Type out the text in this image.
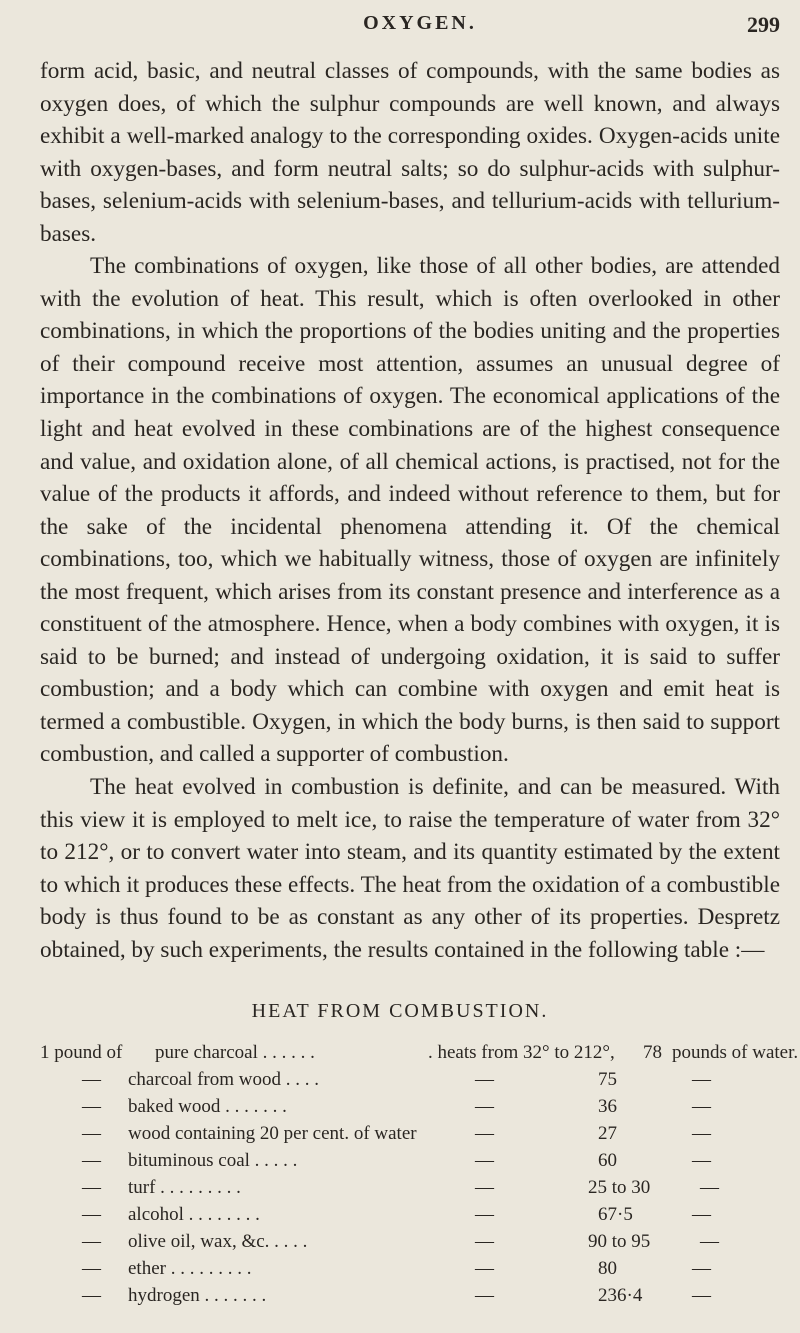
OXYGEN.	299

form acid, basic, and neutral classes of compounds, with the same bodies as oxygen does, of which the sulphur compounds are well known, and always exhibit a well-marked analogy to the corresponding oxides. Oxygen-acids unite with oxygen-bases, and form neutral salts; so do sulphur-acids with sulphur-bases, selenium-acids with selenium-bases, and tellurium-acids with tellurium-bases.

The combinations of oxygen, like those of all other bodies, are attended with the evolution of heat. This result, which is often overlooked in other combinations, in which the proportions of the bodies uniting and the properties of their compound receive most attention, assumes an unusual degree of importance in the combinations of oxygen. The economical applications of the light and heat evolved in these combinations are of the highest consequence and value, and oxidation alone, of all chemical actions, is practised, not for the value of the products it affords, and indeed without reference to them, but for the sake of the incidental phenomena attending it. Of the chemical combinations, too, which we habitually witness, those of oxygen are infinitely the most frequent, which arises from its constant presence and interference as a constituent of the atmosphere. Hence, when a body combines with oxygen, it is said to be burned; and instead of undergoing oxidation, it is said to suffer combustion; and a body which can combine with oxygen and emit heat is termed a combustible. Oxygen, in which the body burns, is then said to support combustion, and called a supporter of combustion.

The heat evolved in combustion is definite, and can be measured. With this view it is employed to melt ice, to raise the temperature of water from 32° to 212°, or to convert water into steam, and its quantity estimated by the extent to which it produces these effects. The heat from the oxidation of a combustible body is thus found to be as constant as any other of its properties. Despretz obtained, by such experiments, the results contained in the following table :—

HEAT FROM COMBUSTION.
1 pound of pure charcoal . . . . . .	. heats from 32° to 212°, 78 pounds of water.
— charcoal from wood . . . .	—	75	—
— baked wood . . . . . . .	—	36	—
— wood containing 20 per cent. of water	—	27	—
— bituminous coal . . . . .	—	60	—
— turf . . . . . . . . .	—	25 to 30	—
— alcohol . . . . . . . .	—	67·5	—
— olive oil, wax, &c. . . . .	—	90 to 95	—
— ether . . . . . . . . .	—	80	—
— hydrogen . . . . . . .	—	236·4	—
